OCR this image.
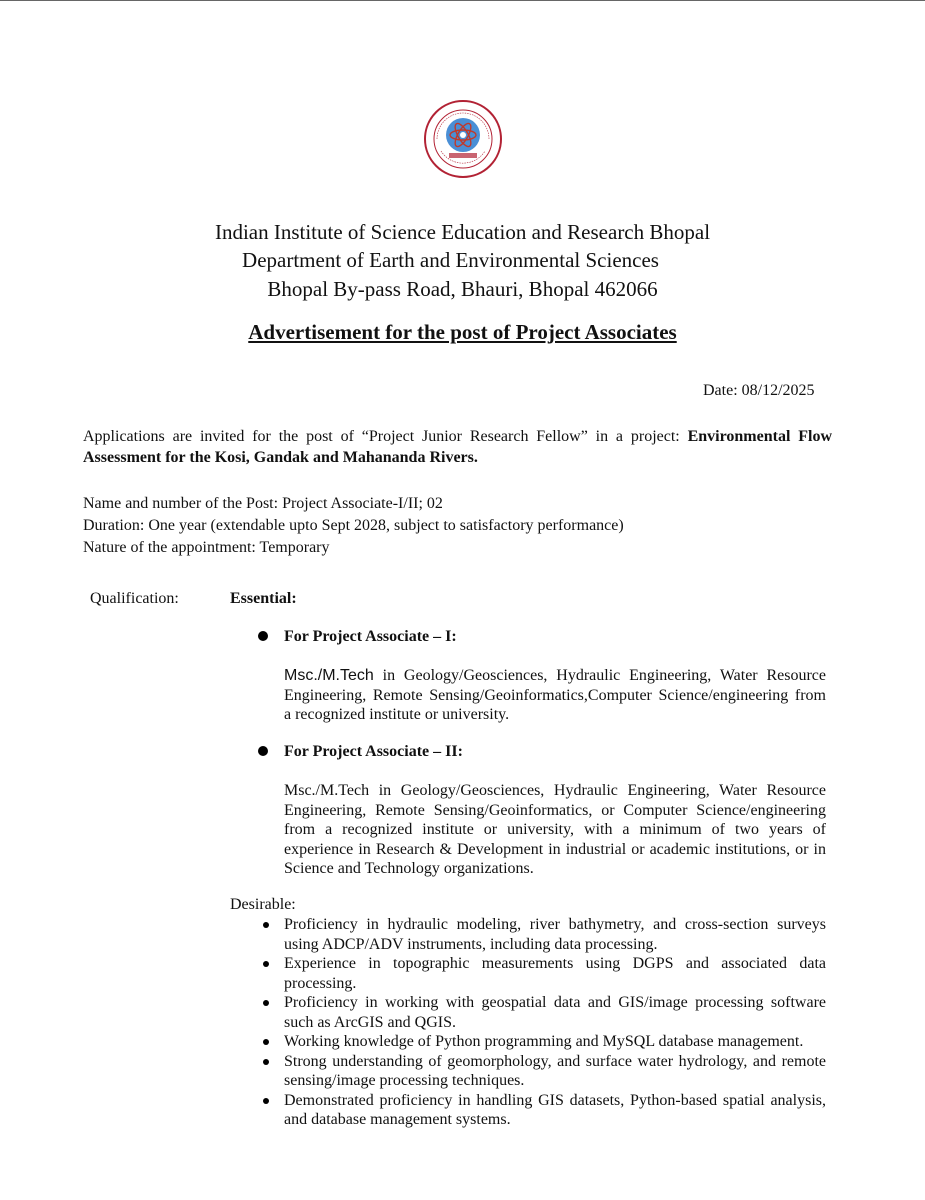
Indian Institute of Science Education and Research Bhopal
Department of Earth and Environmental Sciences
Bhopal By-pass Road, Bhauri, Bhopal 462066
Advertisement for the post of Project Associates
Date: 08/12/2025
Applications are invited for the post of “Project Junior Research Fellow” in a project: Environmental Flow Assessment for the Kosi, Gandak and Mahananda Rivers.
Name and number of the Post: Project Associate-I/II; 02
Duration: One year (extendable upto Sept 2028, subject to satisfactory performance)
Nature of the appointment: Temporary
Qualification:	Essential:
For Project Associate – I:
Msc./M.Tech in Geology/Geosciences, Hydraulic Engineering, Water Resource Engineering, Remote Sensing/Geoinformatics,Computer Science/engineering from a recognized institute or university.
For Project Associate – II:
Msc./M.Tech in Geology/Geosciences, Hydraulic Engineering, Water Resource Engineering, Remote Sensing/Geoinformatics, or Computer Science/engineering from a recognized institute or university, with a minimum of two years of experience in Research & Development in industrial or academic institutions, or in Science and Technology organizations.
Desirable:
Proficiency in hydraulic modeling, river bathymetry, and cross-section surveys using ADCP/ADV instruments, including data processing.
Experience in topographic measurements using DGPS and associated data processing.
Proficiency in working with geospatial data and GIS/image processing software such as ArcGIS and QGIS.
Working knowledge of Python programming and MySQL database management.
Strong understanding of geomorphology, and surface water hydrology, and remote sensing/image processing techniques.
Demonstrated proficiency in handling GIS datasets, Python-based spatial analysis, and database management systems.
